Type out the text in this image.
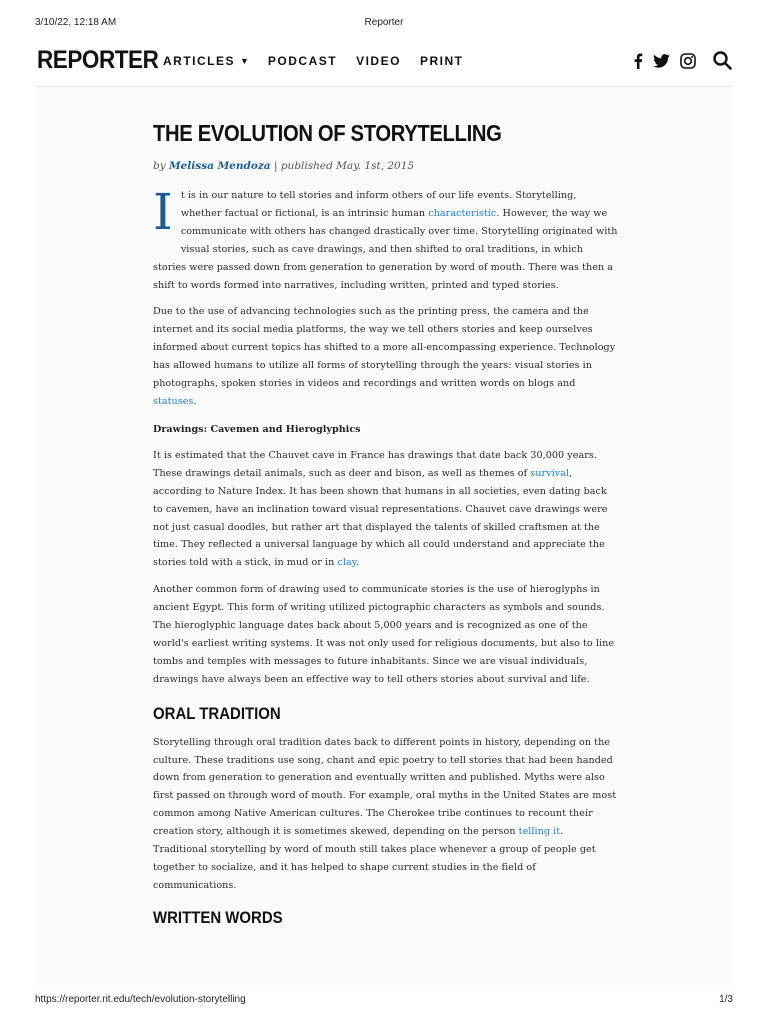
3/10/22, 12:18 AM	Reporter
REPORTER ARTICLES ▼ PODCAST VIDEO PRINT
THE EVOLUTION OF STORYTELLING
by Melissa Mendoza | published May. 1st, 2015

It is in our nature to tell stories and inform others of our life events. Storytelling, whether factual or fictional, is an intrinsic human characteristic. However, the way we communicate with others has changed drastically over time. Storytelling originated with visual stories, such as cave drawings, and then shifted to oral traditions, in which stories were passed down from generation to generation by word of mouth. There was then a shift to words formed into narratives, including written, printed and typed stories.

Due to the use of advancing technologies such as the printing press, the camera and the internet and its social media platforms, the way we tell others stories and keep ourselves informed about current topics has shifted to a more all-encompassing experience. Technology has allowed humans to utilize all forms of storytelling through the years: visual stories in photographs, spoken stories in videos and recordings and written words on blogs and statuses.

Drawings: Cavemen and Hieroglyphics

It is estimated that the Chauvet cave in France has drawings that date back 30,000 years. These drawings detail animals, such as deer and bison, as well as themes of survival, according to Nature Index. It has been shown that humans in all societies, even dating back to cavemen, have an inclination toward visual representations. Chauvet cave drawings were not just casual doodles, but rather art that displayed the talents of skilled craftsmen at the time. They reflected a universal language by which all could understand and appreciate the stories told with a stick, in mud or in clay.

Another common form of drawing used to communicate stories is the use of hieroglyphs in ancient Egypt. This form of writing utilized pictographic characters as symbols and sounds. The hieroglyphic language dates back about 5,000 years and is recognized as one of the world's earliest writing systems. It was not only used for religious documents, but also to line tombs and temples with messages to future inhabitants. Since we are visual individuals, drawings have always been an effective way to tell others stories about survival and life.

ORAL TRADITION

Storytelling through oral tradition dates back to different points in history, depending on the culture. These traditions use song, chant and epic poetry to tell stories that had been handed down from generation to generation and eventually written and published. Myths were also first passed on through word of mouth. For example, oral myths in the United States are most common among Native American cultures. The Cherokee tribe continues to recount their creation story, although it is sometimes skewed, depending on the person telling it. Traditional storytelling by word of mouth still takes place whenever a group of people get together to socialize, and it has helped to shape current studies in the field of communications.

WRITTEN WORDS
https://reporter.rit.edu/tech/evolution-storytelling	1/3
